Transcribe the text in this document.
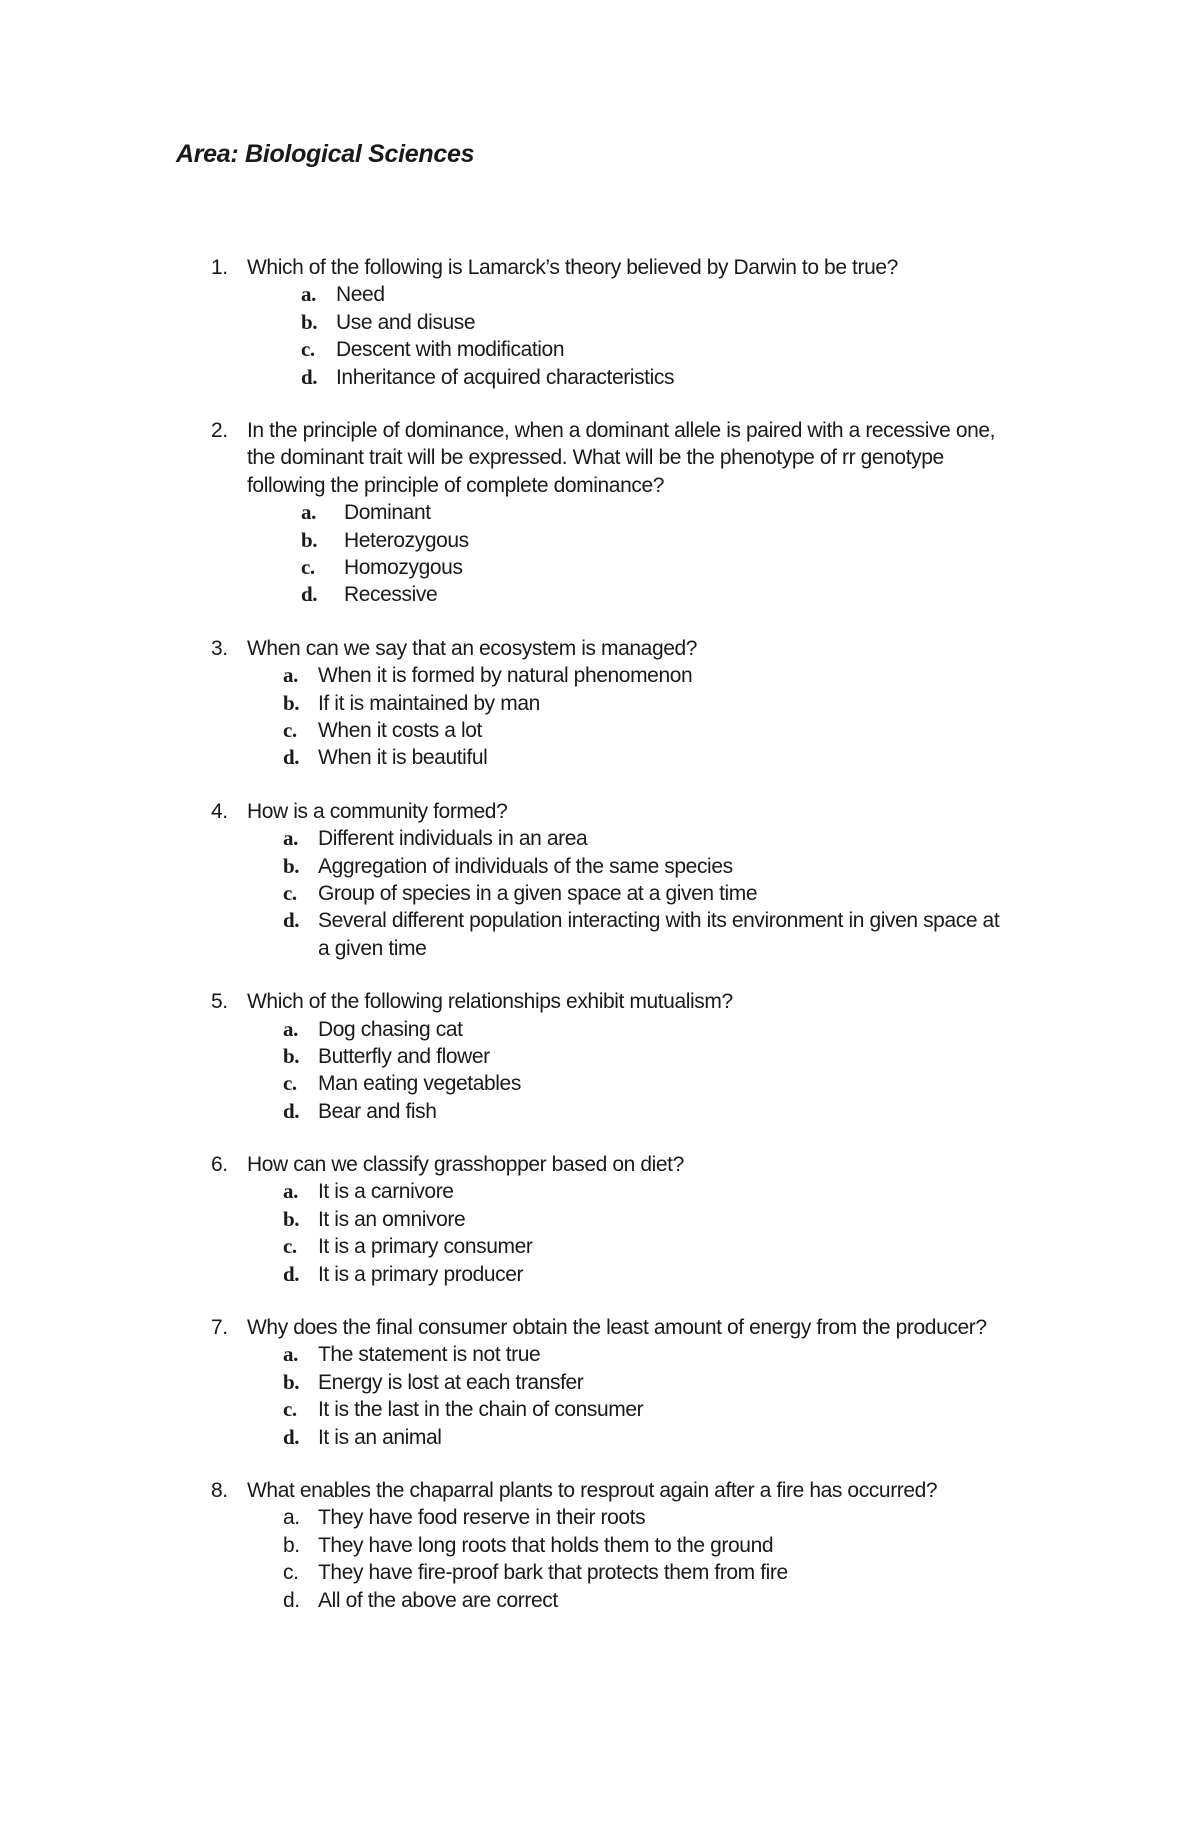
Area: Biological Sciences
1. Which of the following is Lamarck’s theory believed by Darwin to be true?
a. Need
b. Use and disuse
c. Descent with modification
d. Inheritance of acquired characteristics
2. In the principle of dominance, when a dominant allele is paired with a recessive one, the dominant trait will be expressed. What will be the phenotype of rr genotype following the principle of complete dominance?
a. Dominant
b. Heterozygous
c. Homozygous
d. Recessive
3. When can we say that an ecosystem is managed?
a. When it is formed by natural phenomenon
b. If it is maintained by man
c. When it costs a lot
d. When it is beautiful
4. How is a community formed?
a. Different individuals in an area
b. Aggregation of individuals of the same species
c. Group of species in a given space at a given time
d. Several different population interacting with its environment in given space at a given time
5. Which of the following relationships exhibit mutualism?
a. Dog chasing cat
b. Butterfly and flower
c. Man eating vegetables
d. Bear and fish
6. How can we classify grasshopper based on diet?
a. It is a carnivore
b. It is an omnivore
c. It is a primary consumer
d. It is a primary producer
7. Why does the final consumer obtain the least amount of energy from the producer?
a. The statement is not true
b. Energy is lost at each transfer
c. It is the last in the chain of consumer
d. It is an animal
8. What enables the chaparral plants to resprout again after a fire has occurred?
a. They have food reserve in their roots
b. They have long roots that holds them to the ground
c. They have fire-proof bark that protects them from fire
d. All of the above are correct
